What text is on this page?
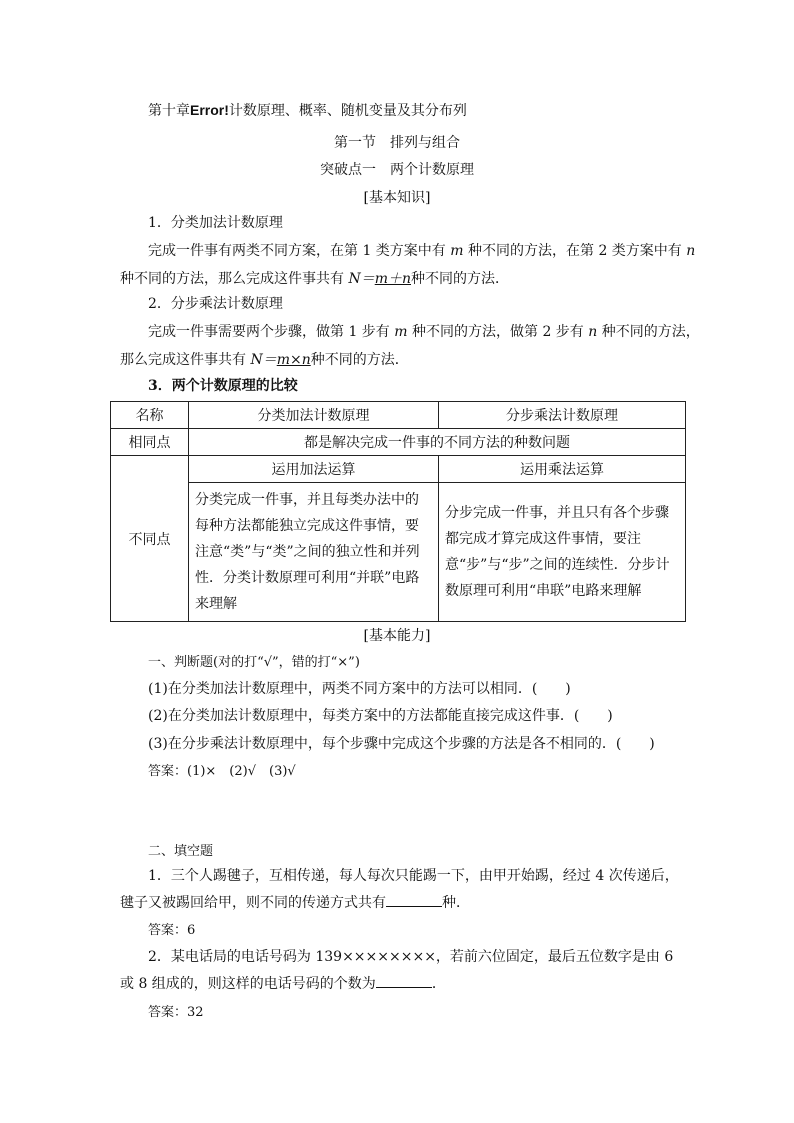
第十章Error!计数原理、概率、随机变量及其分布列
第一节　排列与组合
突破点一　两个计数原理
[基本知识]
1．分类加法计数原理
完成一件事有两类不同方案，在第 1 类方案中有 m 种不同的方法，在第 2 类方案中有 n
种不同的方法，那么完成这件事共有 N＝m＋n种不同的方法．
2．分步乘法计数原理
完成一件事需要两个步骤，做第 1 步有 m 种不同的方法，做第 2 步有 n 种不同的方法，
那么完成这件事共有 N＝m×n种不同的方法．
3．两个计数原理的比较
名称	分类加法计数原理	分步乘法计数原理
相同点	都是解决完成一件事的不同方法的种数问题	
不同点	运用加法运算	运用乘法运算

	分类完成一件事，并且每类办法中的每种方法都能独立完成这件事情，要注意“类”与“类”之间的独立性和并列性．分类计数原理可利用“并联”电路来理解	分步完成一件事，并且只有各个步骤都完成才算完成这件事情，要注意“步”与“步”之间的连续性．分步计数原理可利用“串联”电路来理解
[基本能力]
一、判断题(对的打“√”，错的打“×”)
(1)在分类加法计数原理中，两类不同方案中的方法可以相同．(　　)
(2)在分类加法计数原理中，每类方案中的方法都能直接完成这件事．(　　)
(3)在分步乘法计数原理中，每个步骤中完成这个步骤的方法是各不相同的．(　　)
答案：(1)×　(2)√　(3)√
二、填空题
1．三个人踢毽子，互相传递，每人每次只能踢一下，由甲开始踢，经过 4 次传递后，
毽子又被踢回给甲，则不同的传递方式共有	种．
答案：6
2．某电话局的电话号码为 139××××××××，若前六位固定，最后五位数字是由 6
或 8 组成的，则这样的电话号码的个数为	．
答案：32
